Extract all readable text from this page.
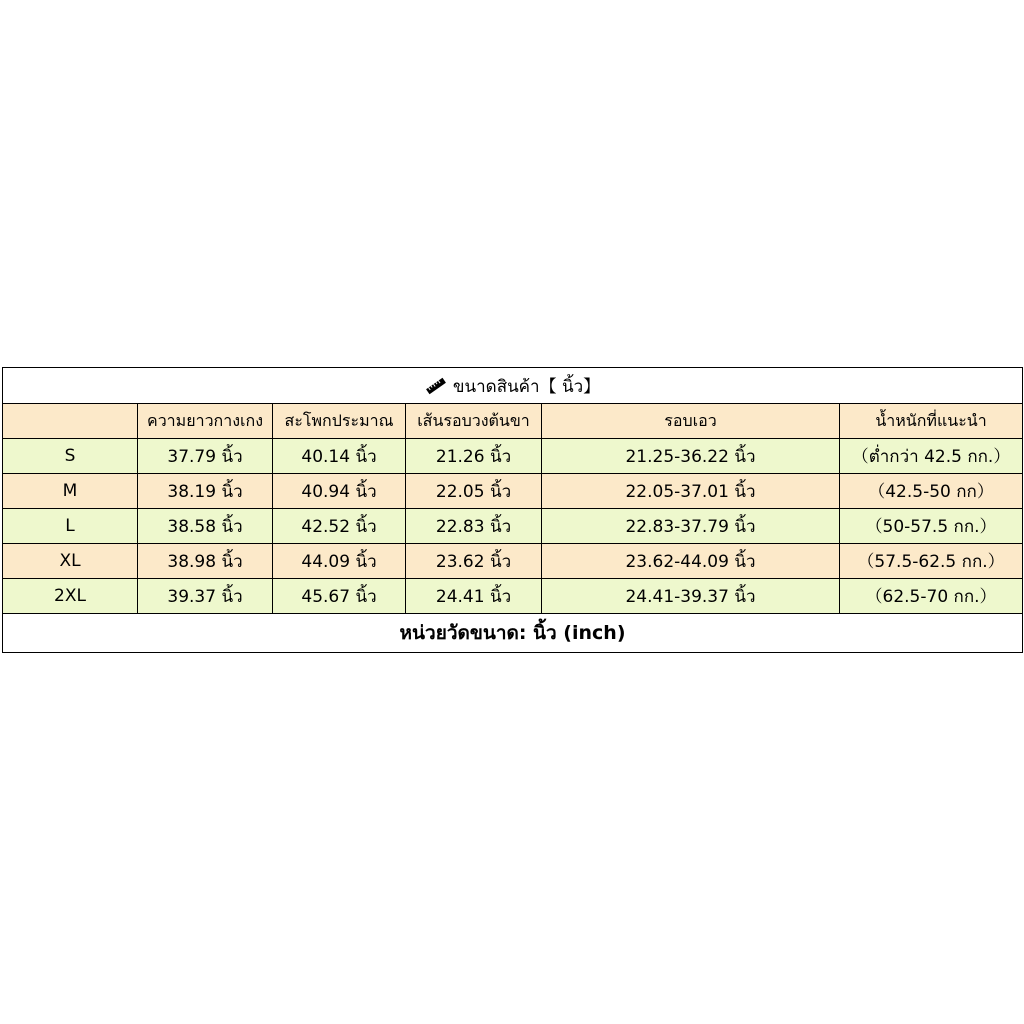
ขนาดสินค้า【 นิ้ว】					
	ความยาวกางเกง	สะโพกประมาณ	เส้นรอบวงต้นขา	รอบเอว	น้ำหนักที่แนะนำ
S	37.79 นิ้ว	40.14 นิ้ว	21.26 นิ้ว	21.25-36.22 นิ้ว	（ต่ำกว่า 42.5 กก.）
M	38.19 นิ้ว	40.94 นิ้ว	22.05 นิ้ว	22.05-37.01 นิ้ว	（42.5-50 กก）
L	38.58 นิ้ว	42.52 นิ้ว	22.83 นิ้ว	22.83-37.79 นิ้ว	（50-57.5 กก.）
XL	38.98 นิ้ว	44.09 นิ้ว	23.62 นิ้ว	23.62-44.09 นิ้ว	（57.5-62.5 กก.）
2XL	39.37 นิ้ว	45.67 นิ้ว	24.41 นิ้ว	24.41-39.37 นิ้ว	（62.5-70 กก.）
หน่วยวัดขนาด: นิ้ว (inch)					
